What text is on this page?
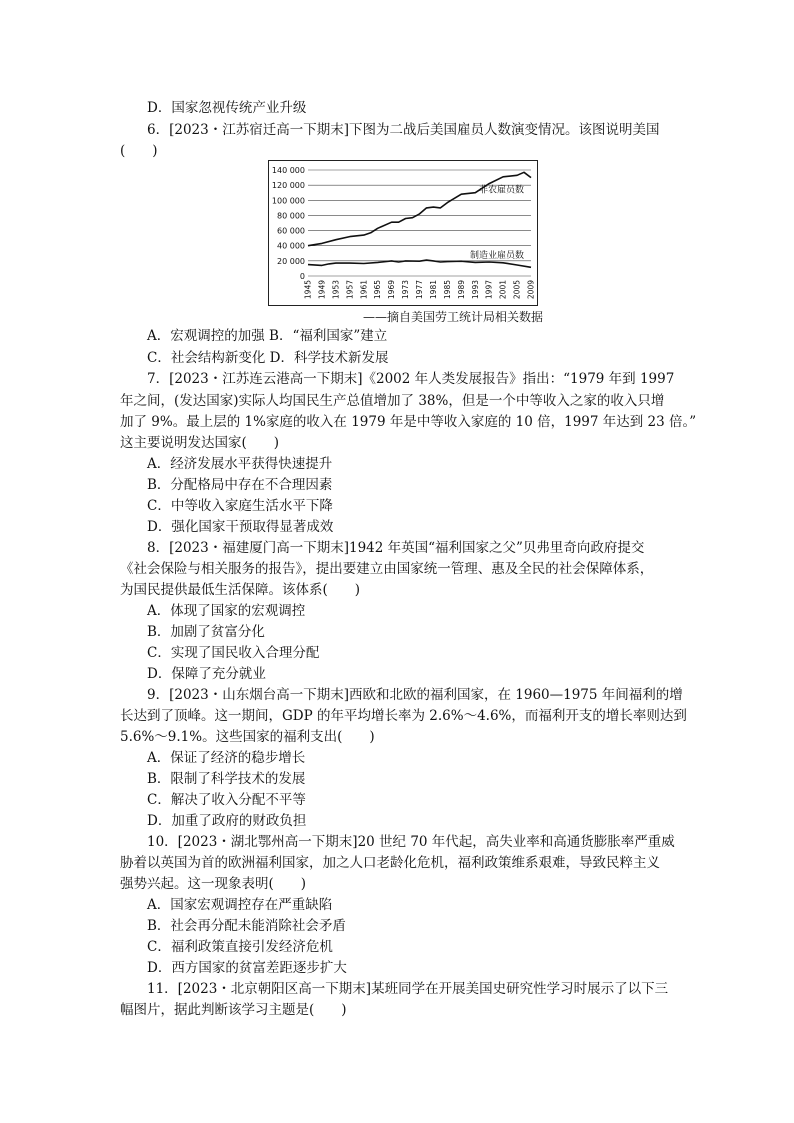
D．国家忽视传统产业升级
6．[2023・江苏宿迁高一下期末]下图为二战后美国雇员人数演变情况。该图说明美国
(　　)
0
20 000
40 000
60 000
80 000
100 000
120 000
140 000
1945 1949 1953 1957 1961 1965 1969 1973 1977 1981 1985 1989 1993 1997 2001 2005 2009
非农雇员数
制造业雇员数
——摘自美国劳工统计局相关数据
A．宏观调控的加强 B．“福利国家”建立
C．社会结构新变化 D．科学技术新发展
7．[2023・江苏连云港高一下期末]《2002 年人类发展报告》指出：“1979 年到 1997
年之间，(发达国家)实际人均国民生产总值增加了 38%，但是一个中等收入之家的收入只增
加了 9%。最上层的 1%家庭的收入在 1979 年是中等收入家庭的 10 倍，1997 年达到 23 倍。”
这主要说明发达国家(　　)
A．经济发展水平获得快速提升
B．分配格局中存在不合理因素
C．中等收入家庭生活水平下降
D．强化国家干预取得显著成效
8．[2023・福建厦门高一下期末]1942 年英国“福利国家之父”贝弗里奇向政府提交
《社会保险与相关服务的报告》，提出要建立由国家统一管理、惠及全民的社会保障体系，
为国民提供最低生活保障。该体系(　　)
A．体现了国家的宏观调控
B．加剧了贫富分化
C．实现了国民收入合理分配
D．保障了充分就业
9．[2023・山东烟台高一下期末]西欧和北欧的福利国家，在 1960—1975 年间福利的增
长达到了顶峰。这一期间，GDP 的年平均增长率为 2.6%～4.6%，而福利开支的增长率则达到
5.6%～9.1%。这些国家的福利支出(　　)
A．保证了经济的稳步增长
B．限制了科学技术的发展
C．解决了收入分配不平等
D．加重了政府的财政负担
10．[2023・湖北鄂州高一下期末]20 世纪 70 年代起，高失业率和高通货膨胀率严重威
胁着以英国为首的欧洲福利国家，加之人口老龄化危机，福利政策维系艰难，导致民粹主义
强势兴起。这一现象表明(　　)
A．国家宏观调控存在严重缺陷
B．社会再分配未能消除社会矛盾
C．福利政策直接引发经济危机
D．西方国家的贫富差距逐步扩大
11．[2023・北京朝阳区高一下期末]某班同学在开展美国史研究性学习时展示了以下三
幅图片，据此判断该学习主题是(　　)
